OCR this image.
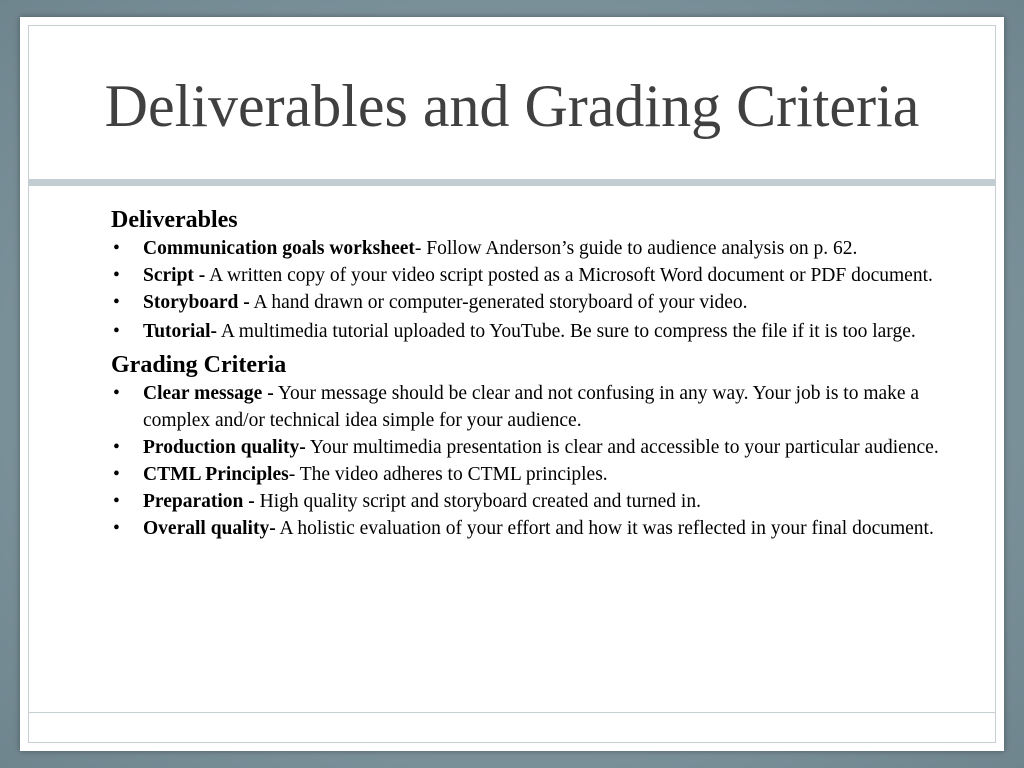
Deliverables and Grading Criteria
Deliverables
• Communication goals worksheet- Follow Anderson’s guide to audience analysis on p. 62.
• Script - A written copy of your video script posted as a Microsoft Word document or PDF document.
• Storyboard - A hand drawn or computer-generated storyboard of your video.
• Tutorial- A multimedia tutorial uploaded to YouTube. Be sure to compress the file if it is too large.
Grading Criteria
• Clear message - Your message should be clear and not confusing in any way. Your job is to make a complex and/or technical idea simple for your audience.
• Production quality- Your multimedia presentation is clear and accessible to your particular audience.
• CTML Principles- The video adheres to CTML principles.
• Preparation - High quality script and storyboard created and turned in.
• Overall quality- A holistic evaluation of your effort and how it was reflected in your final document.
